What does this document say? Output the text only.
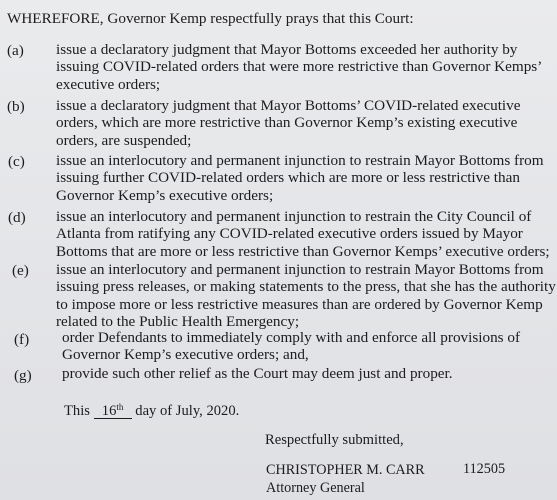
WHEREFORE, Governor Kemp respectfully prays that this Court:
(a) issue a declaratory judgment that Mayor Bottoms exceeded her authority by
issuing COVID-related orders that were more restrictive than Governor Kemps’
executive orders;
(b) issue a declaratory judgment that Mayor Bottoms’ COVID-related executive
orders, which are more restrictive than Governor Kemp’s existing executive
orders, are suspended;
(c) issue an interlocutory and permanent injunction to restrain Mayor Bottoms from
issuing further COVID-related orders which are more or less restrictive than
Governor Kemp’s executive orders;
(d) issue an interlocutory and permanent injunction to restrain the City Council of
Atlanta from ratifying any COVID-related executive orders issued by Mayor
Bottoms that are more or less restrictive than Governor Kemps’ executive orders;
(e) issue an interlocutory and permanent injunction to restrain Mayor Bottoms from
issuing press releases, or making statements to the press, that she has the authority
to impose more or less restrictive measures than are ordered by Governor Kemp
related to the Public Health Emergency;
(f) order Defendants to immediately comply with and enforce all provisions of
Governor Kemp’s executive orders; and,
(g) provide such other relief as the Court may deem just and proper.
This 16th day of July, 2020.
Respectfully submitted,
CHRISTOPHER M. CARR	112505
Attorney General
